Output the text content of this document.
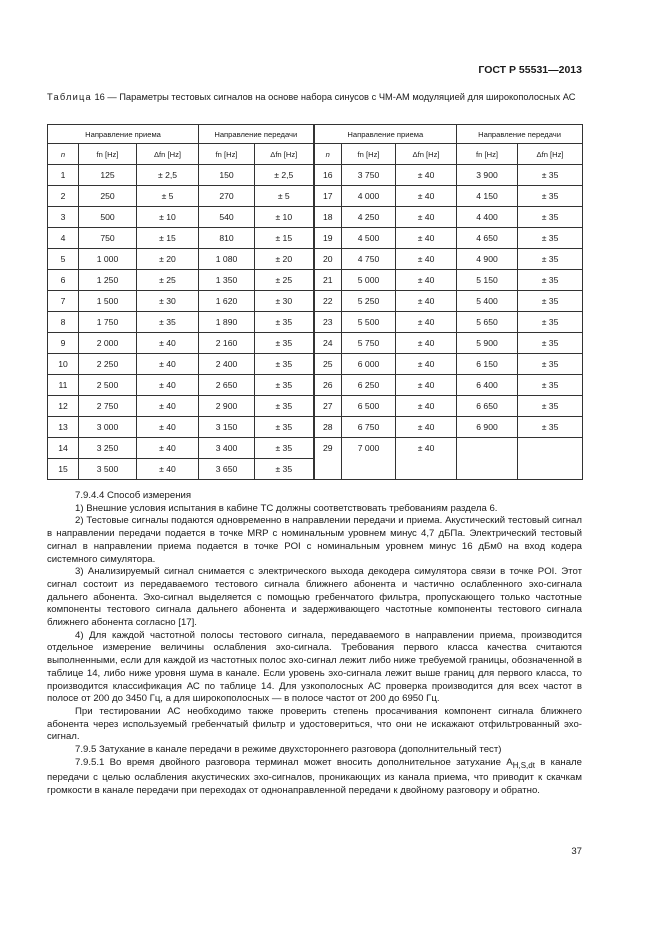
ГОСТ Р 55531—2013
Таблица 16 — Параметры тестовых сигналов на основе набора синусов с ЧМ-АМ модуляцией для широкополосных АС
Направление приема			Направление передачи		Направление приема			Направление передачи	
n	fn [Hz]	Δfn [Hz]	fn [Hz]	Δfn [Hz]	n	fn [Hz]	Δfn [Hz]	fn [Hz]	Δfn [Hz]
1	125	± 2,5	150	± 2,5	16	3 750	± 40	3 900	± 35
2	250	± 5	270	± 5	17	4 000	± 40	4 150	± 35
3	500	± 10	540	± 10	18	4 250	± 40	4 400	± 35
4	750	± 15	810	± 15	19	4 500	± 40	4 650	± 35
5	1 000	± 20	1 080	± 20	20	4 750	± 40	4 900	± 35
6	1 250	± 25	1 350	± 25	21	5 000	± 40	5 150	± 35
7	1 500	± 30	1 620	± 30	22	5 250	± 40	5 400	± 35
8	1 750	± 35	1 890	± 35	23	5 500	± 40	5 650	± 35
9	2 000	± 40	2 160	± 35	24	5 750	± 40	5 900	± 35
10	2 250	± 40	2 400	± 35	25	6 000	± 40	6 150	± 35
11	2 500	± 40	2 650	± 35	26	6 250	± 40	6 400	± 35
12	2 750	± 40	2 900	± 35	27	6 500	± 40	6 650	± 35
13	3 000	± 40	3 150	± 35	28	6 750	± 40	6 900	± 35
14	3 250	± 40	3 400	± 35	29	7 000	± 40		
15	3 500	± 40	3 650	± 35					

7.9.4.4 Способ измерения

1) Внешние условия испытания в кабине ТС должны соответствовать требованиям раздела 6.

2) Тестовые сигналы подаются одновременно в направлении передачи и приема. Акустический тестовый сигнал в направлении передачи подается в точке MRP с номинальным уровнем минус 4,7 дБПа. Электрический тестовый сигнал в направлении приема подается в точке POI с номинальным уровнем минус 16 дБм0 на вход кодера системного симулятора.

3) Анализируемый сигнал снимается с электрического выхода декодера симулятора связи в точке POI. Этот сигнал состоит из передаваемого тестового сигнала ближнего абонента и частично ослабленного эхо-сигнала дальнего абонента. Эхо-сигнал выделяется с помощью гребенчатого фильтра, пропускающего только частотные компоненты тестового сигнала дальнего абонента и задерживающего частотные компоненты тестового сигнала ближнего абонента согласно [17].

4) Для каждой частотной полосы тестового сигнала, передаваемого в направлении приема, производится отдельное измерение величины ослабления эхо-сигнала. Требования первого класса качества считаются выполненными, если для каждой из частотных полос эхо-сигнал лежит либо ниже требуемой границы, обозначенной в таблице 14, либо ниже уровня шума в канале. Если уровень эхо-сигнала лежит выше границ для первого класса, то производится классификация АС по таблице 14. Для узкополосных АС проверка производится для всех частот в полосе от 200 до 3450 Гц, а для широкополосных — в полосе частот от 200 до 6950 Гц.

При тестировании АС необходимо также проверить степень просачивания компонент сигнала ближнего абонента через используемый гребенчатый фильтр и удостовериться, что они не искажают отфильтрованный эхо-сигнал.

7.9.5 Затухание в канале передачи в режиме двухстороннего разговора (дополнительный тест)

7.9.5.1 Во время двойного разговора терминал может вносить дополнительное затухание $A_{H,S,dt}$ в канале передачи с целью ослабления акустических эхо-сигналов, проникающих из канала приема, что приводит к скачкам громкости в канале передачи при переходах от однонаправленной передачи к двойному разговору и обратно.

37
